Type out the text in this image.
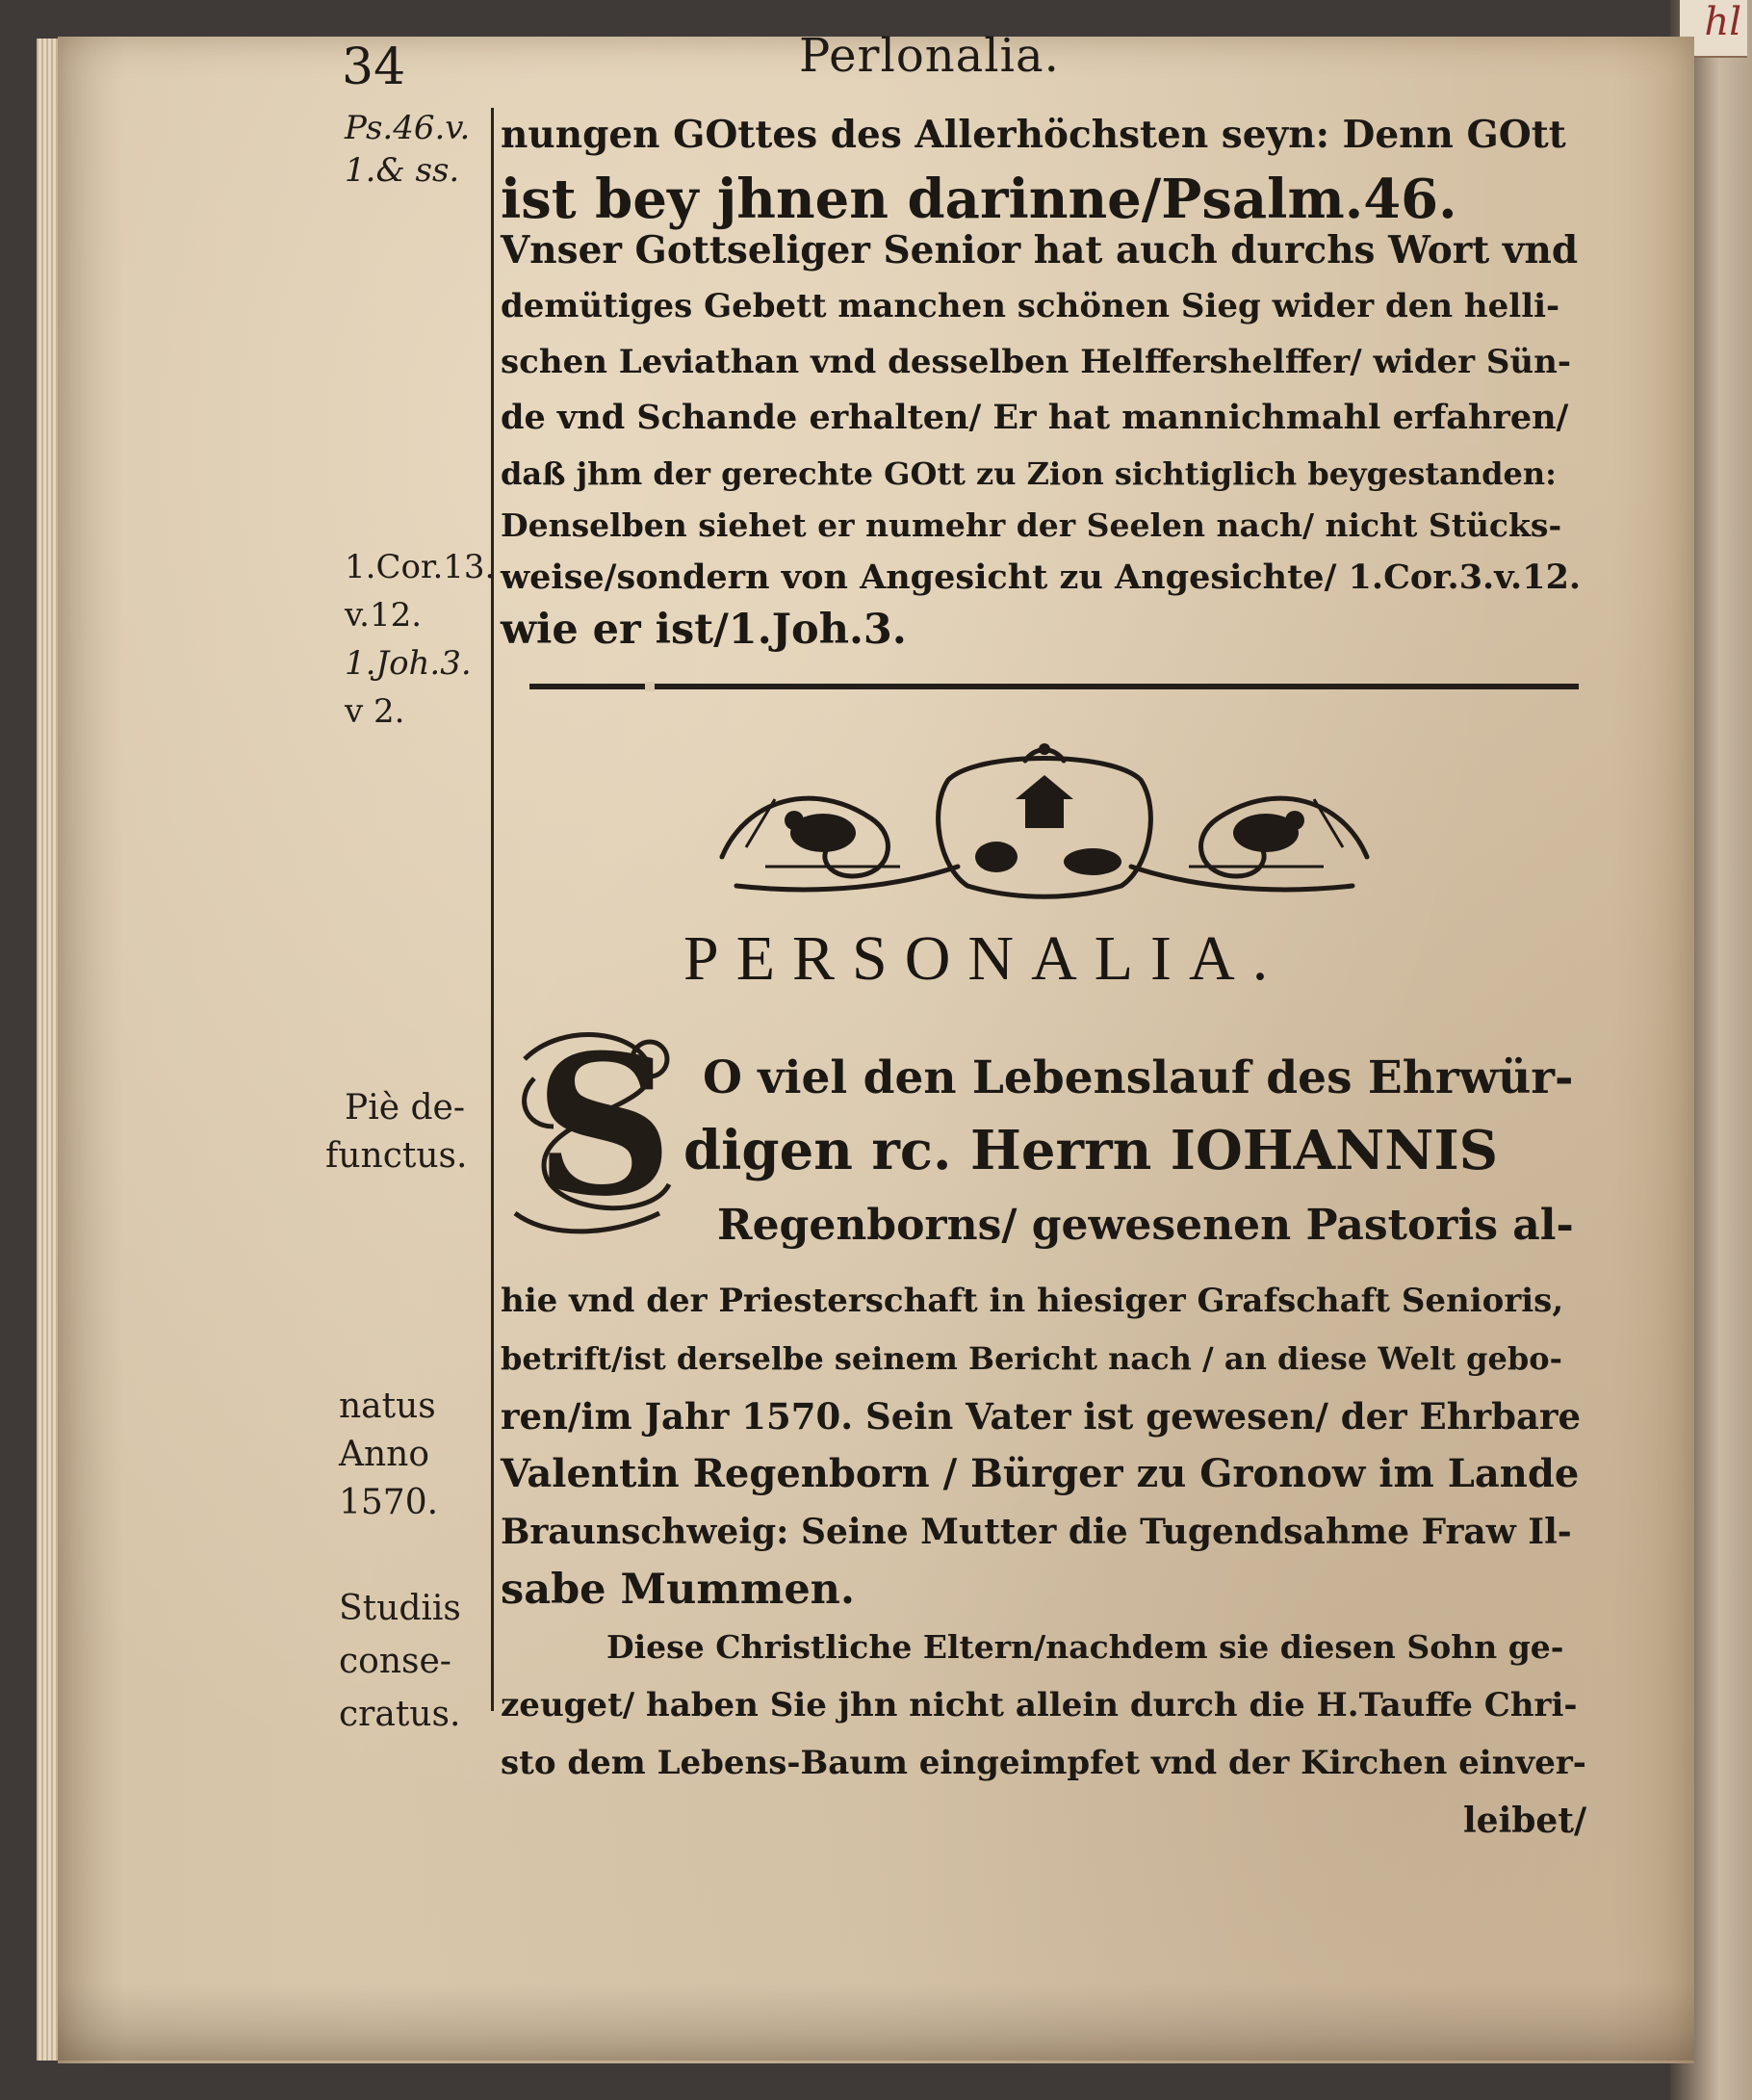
hl
34	Perlonalia.
Ps.46.v.
1.& ss.
1.Cor.13.
v.12.
1.Joh.3.
v 2.
Piè de-
functus.
natus
Anno
1570.
Studiis
conse-
cratus.
nungen GOttes des Allerhöchsten seyn: Denn GOtt
ist bey jhnen darinne/Psalm.46.
Vnser Gottseliger Senior hat auch durchs Wort vnd
demütiges Gebett manchen schönen Sieg wider den helli-
schen Leviathan vnd desselben Helffershelffer/ wider Sün-
de vnd Schande erhalten/ Er hat mannichmahl erfahren/
daß jhm der gerechte GOtt zu Zion sichtiglich beygestanden:
Denselben siehet er numehr der Seelen nach/ nicht Stücks-
weise/sondern von Angesicht zu Angesichte/ 1.Cor.3.v.12.
wie er ist/1.Joh.3.
PERSONALIA.
S O viel den Lebenslauf des Ehrwür-
digen rc. Herrn IOHANNIS
Regenborns/ gewesenen Pastoris al-
hie vnd der Priesterschaft in hiesiger Grafschaft Senioris,
betrift/ist derselbe seinem Bericht nach / an diese Welt gebo-
ren/im Jahr 1570. Sein Vater ist gewesen/ der Ehrbare
Valentin Regenborn / Bürger zu Gronow im Lande
Braunschweig: Seine Mutter die Tugendsahme Fraw Il-
sabe Mummen.
Diese Christliche Eltern/nachdem sie diesen Sohn ge-
zeuget/ haben Sie jhn nicht allein durch die H.Tauffe Chri-
sto dem Lebens-Baum eingeimpfet vnd der Kirchen einver-
leibet/
